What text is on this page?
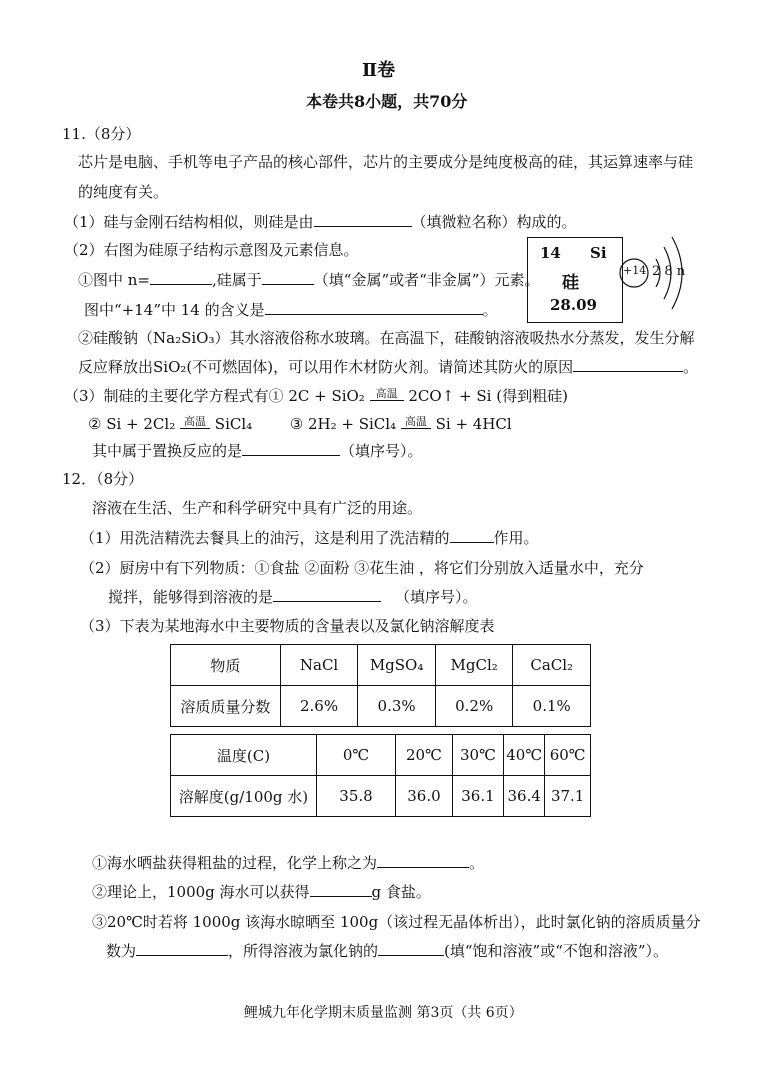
Ⅱ卷
本卷共8小题，共70分
11.（8分）
芯片是电脑、手机等电子产品的核心部件，芯片的主要成分是纯度极高的硅，其运算速率与硅
的纯度有关。
（1）硅与金刚石结构相似，则硅是由	（填微粒名称）构成的。
（2）右图为硅原子结构示意图及元素信息。
①图中 n=	,硅属于	（填“金属”或者“非金属”）元素。
图中“+14”中 14 的含义是	。
14 Si
硅
28.09
+14 2 8 n
②硅酸钠（Na₂SiO₃）其水溶液俗称水玻璃。在高温下，硅酸钠溶液吸热水分蒸发，发生分解
反应释放出SiO₂(不可燃固体)，可以用作木材防火剂。请简述其防火的原因	。
（3）制硅的主要化学方程式有① 2C + SiO₂ 高温 2CO↑ + Si (得到粗硅)
② Si + 2Cl₂ 高温 SiCl₄	③ 2H₂ + SiCl₄ 高温 Si + 4HCl
其中属于置换反应的是	（填序号）。
12．（8分）
溶液在生活、生产和科学研究中具有广泛的用途。
（1）用洗洁精洗去餐具上的油污，这是利用了洗洁精的	作用。
（2）厨房中有下列物质：①食盐 ②面粉 ③花生油 ，将它们分别放入适量水中，充分
搅拌，能够得到溶液的是	（填序号）。
（3）下表为某地海水中主要物质的含量表以及氯化钠溶解度表
物质	NaCl	MgSO₄	MgCl₂	CaCl₂
溶质质量分数	2.6%	0.3%	0.2%	0.1%
温度(C)	0℃	20℃	30℃	40℃	60℃
溶解度(g/100g 水)	35.8	36.0	36.1	36.4	37.1
①海水晒盐获得粗盐的过程，化学上称之为	。
②理论上，1000g 海水可以获得	g 食盐。
③20℃时若将 1000g 该海水晾晒至 100g（该过程无晶体析出），此时氯化钠的溶质质量分
数为	，所得溶液为氯化钠的	(填“饱和溶液”或“不饱和溶液”）。
鲤城九年化学期末质量监测 第3页（共 6页）
